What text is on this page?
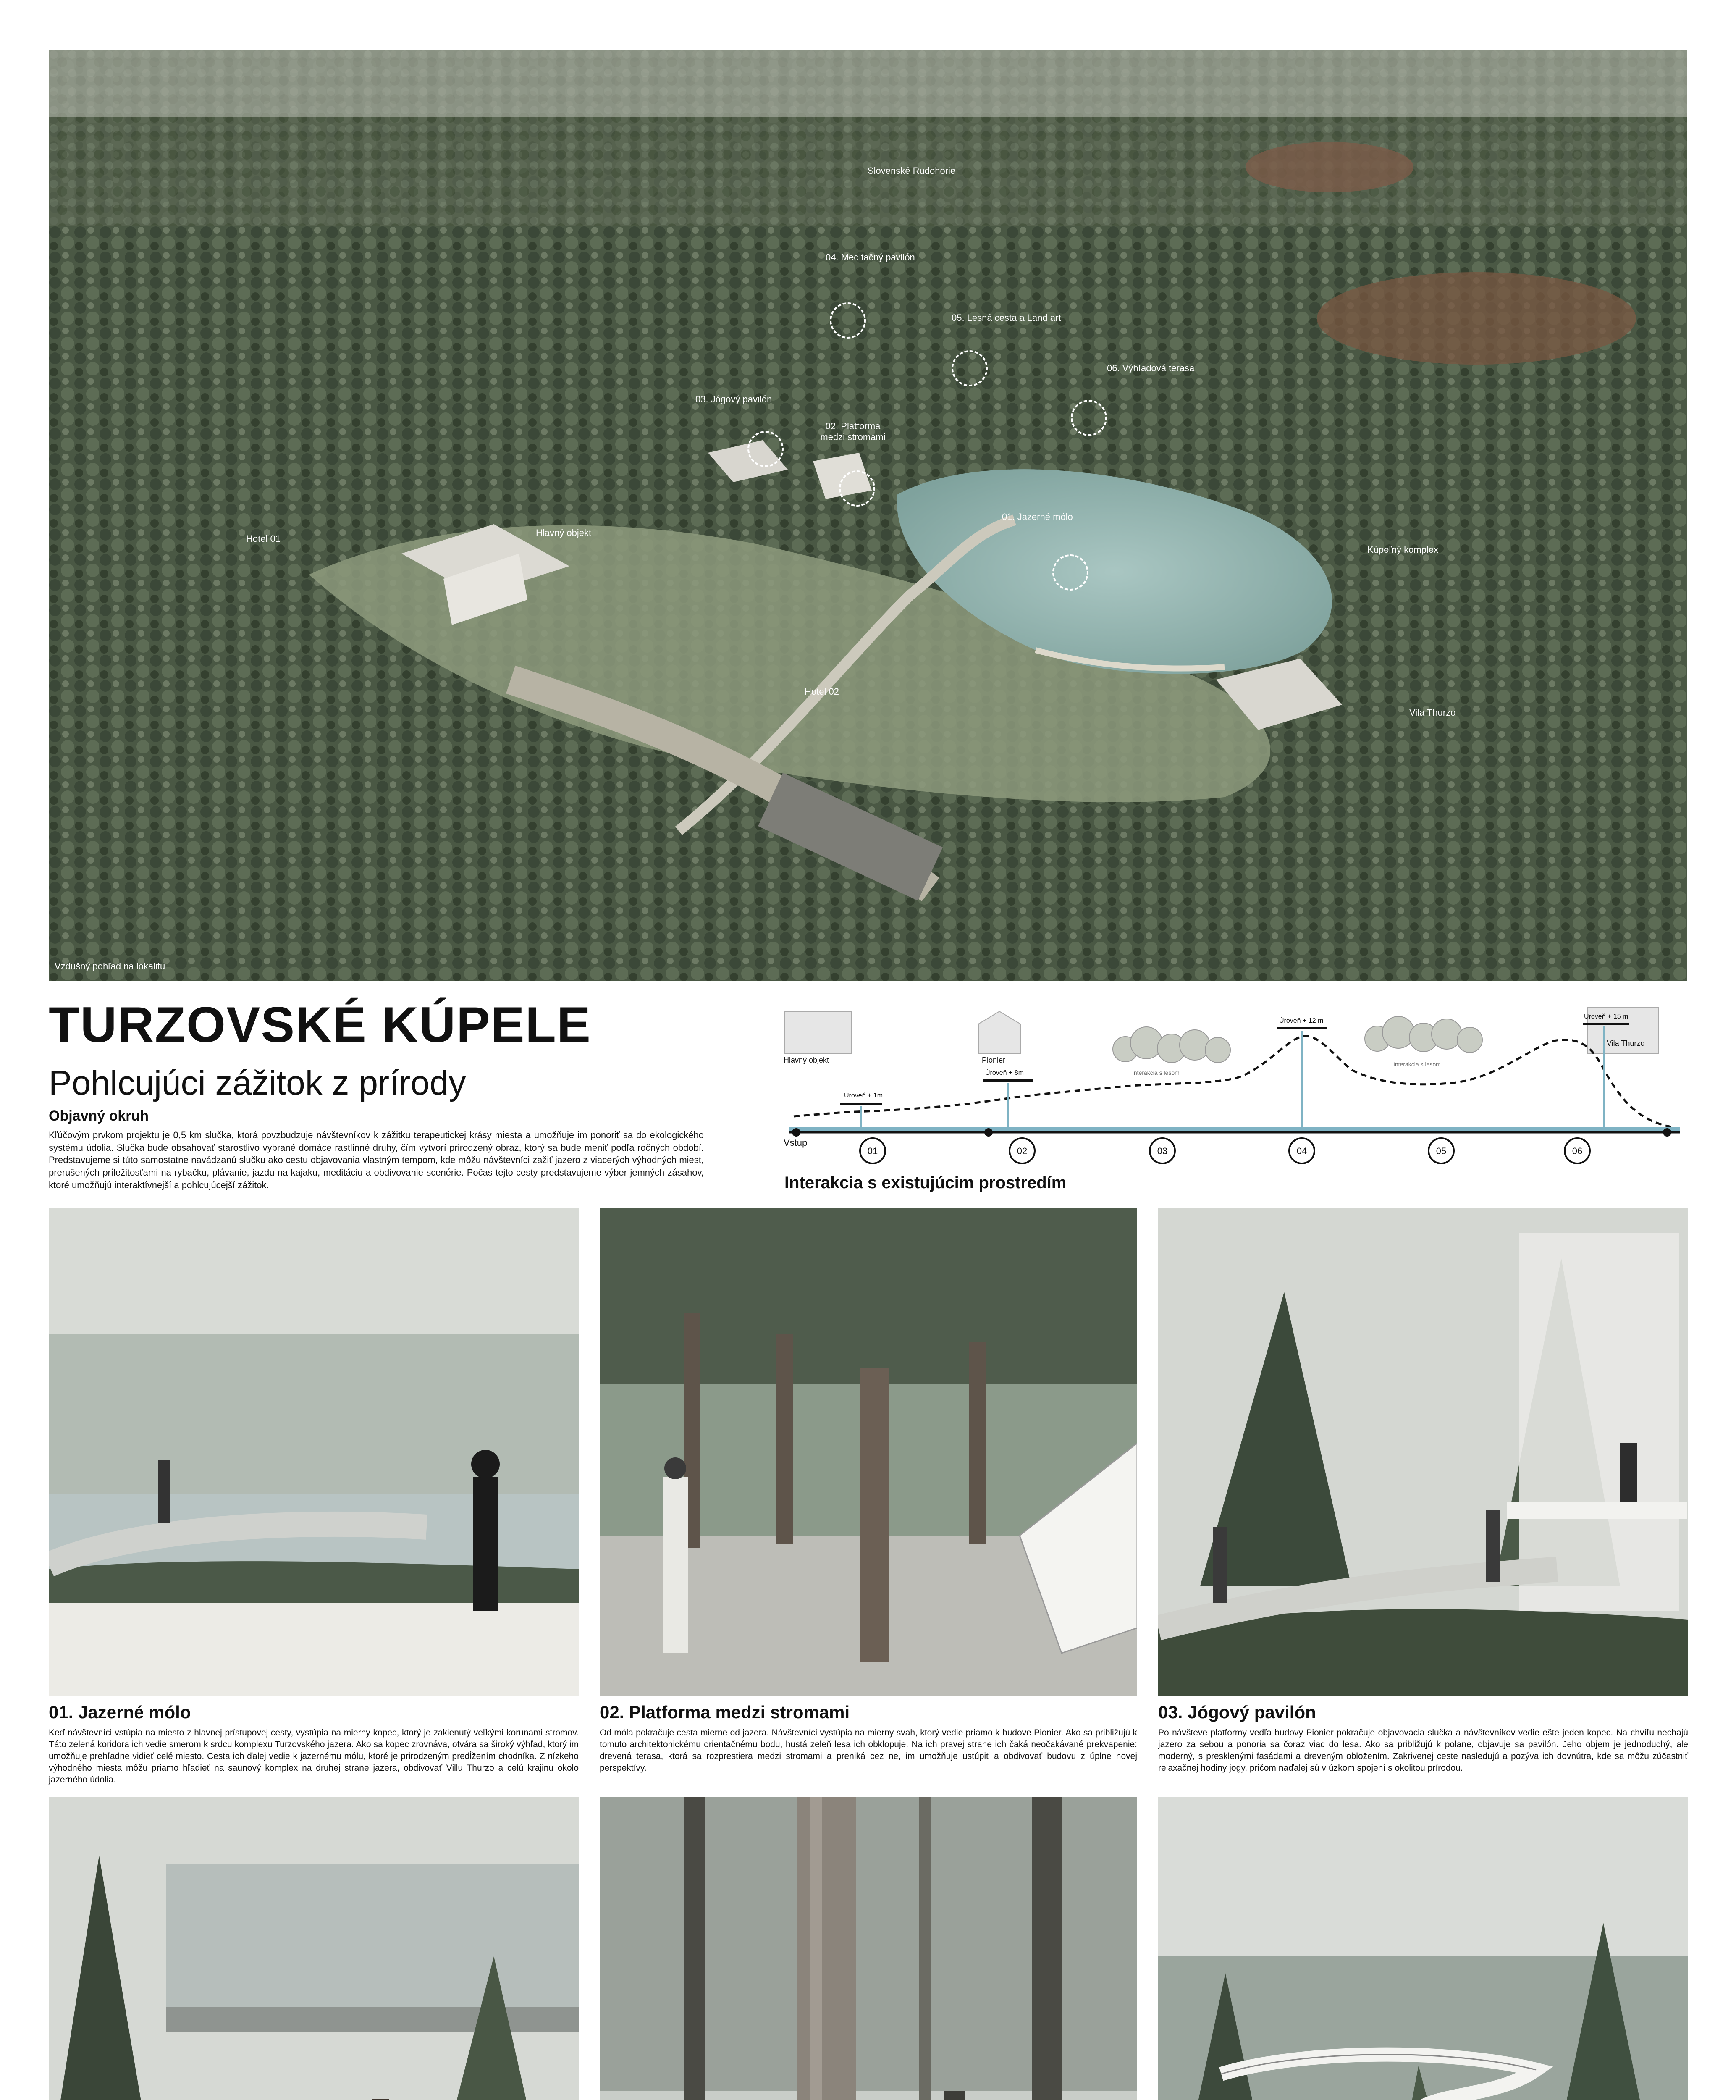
Slovenské Rudohorie
04. Meditačný pavilón
05. Lesná cesta a Land art
06. Výhľadová terasa
03. Jógový pavilón
02. Platforma medzi stromami
01. Jazerné mólo
Hlavný objekt
Hotel 01
Hotel 02
Kúpeľný komplex
Vila Thurzo
Vzdušný pohľad na lokalitu
TURZOVSKÉ KÚPELE
Pohlcujúci zážitok z prírody
Objavný okruh
Kľúčovým prvkom projektu je 0,5 km slučka, ktorá povzbudzuje návštevníkov k zážitku terapeutickej krásy miesta a umožňuje im ponoriť sa do ekologického systému údolia. Slučka bude obsahovať starostlivo vybrané domáce rastlinné druhy, čím vytvorí prirodzený obraz, ktorý sa bude meniť podľa ročných období. Predstavujeme si túto samostatne navádzanú slučku ako cestu objavovania vlastným tempom, kde môžu návštevníci zažiť jazero z viacerých výhodných miest, prerušených príležitosťami na rybačku, plávanie, jazdu na kajaku, meditáciu a obdivovanie scenérie. Počas tejto cesty predstavujeme výber jemných zásahov, ktoré umožňujú interaktívnejší a pohlcujúcejší zážitok.
Hlavný objekt	Pionier
Vila Thurzo
Úroveň + 1m
Úroveň + 8m
Úroveň + 12 m
Úroveň + 15 m
Interakcia s lesom
Interakcia s lesom
Vstup
01	02	03	04	05	06
Interakcia s existujúcim prostredím
01. Jazerné mólo
Keď návštevníci vstúpia na miesto z hlavnej prístupovej cesty, vystúpia na mierny kopec, ktorý je zakienutý veľkými korunami stromov. Táto zelená koridora ich vedie smerom k srdcu komplexu Turzovského jazera. Ako sa kopec zrovnáva, otvára sa široký výhľad, ktorý im umožňuje prehľadne vidieť celé miesto. Cesta ich ďalej vedie k jazernému mólu, ktoré je prirodzeným predĺžením chodníka. Z nízkeho výhodného miesta môžu priamo hľadieť na saunový komplex na druhej strane jazera, obdivovať Villu Thurzo a celú krajinu okolo jazerného údolia.
02. Platforma medzi stromami
Od móla pokračuje cesta mierne od jazera. Návštevníci vystúpia na mierny svah, ktorý vedie priamo k budove Pionier. Ako sa približujú k tomuto architektonickému orientačnému bodu, hustá zeleň lesa ich obklopuje. Na ich pravej strane ich čaká neočakávané prekvapenie: drevená terasa, ktorá sa rozprestiera medzi stromami a preniká cez ne, im umožňuje ustúpiť a obdivovať budovu z úplne novej perspektívy.
03. Jógový pavilón
Po návšteve platformy vedľa budovy Pionier pokračuje objavovacia slučka a návštevníkov vedie ešte jeden kopec. Na chvíľu nechajú jazero za sebou a ponoria sa čoraz viac do lesa. Ako sa približujú k polane, objavuje sa pavilón. Jeho objem je jednoduchý, ale moderný, s presklenými fasádami a dreveným obložením. Zakrivenej ceste nasledujú a pozýva ich dovnútra, kde sa môžu zúčastniť relaxačnej hodiny jogy, pričom naďalej sú v úzkom spojení s okolitou prírodou.
